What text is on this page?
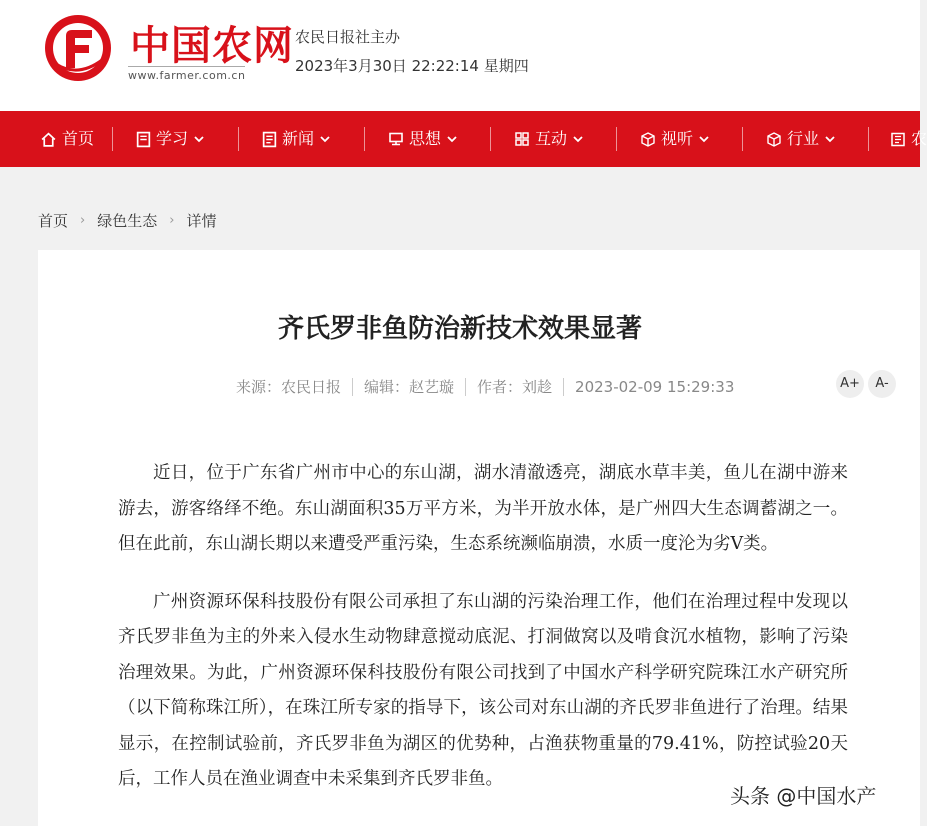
中国农网
www.farmer.com.cn
农民日报社主办
2023年3月30日 22:22:14 星期四
首页	学习	新闻	思想	互动	视听	行业	农
首页 › 绿色生态 › 详情
齐氏罗非鱼防治新技术效果显著
来源：农民日报 编辑：赵艺璇 作者：刘趁 2023-02-09 15:29:33	A+	A-

近日，位于广东省广州市中心的东山湖，湖水清澈透亮，湖底水草丰美，鱼儿在湖中游来游去，游客络绎不绝。东山湖面积35万平方米，为半开放水体，是广州四大生态调蓄湖之一。但在此前，东山湖长期以来遭受严重污染，生态系统濒临崩溃，水质一度沦为劣V类。

广州资源环保科技股份有限公司承担了东山湖的污染治理工作，他们在治理过程中发现以齐氏罗非鱼为主的外来入侵水生动物肆意搅动底泥、打洞做窝以及啃食沉水植物，影响了污染治理效果。为此，广州资源环保科技股份有限公司找到了中国水产科学研究院珠江水产研究所（以下简称珠江所），在珠江所专家的指导下，该公司对东山湖的齐氏罗非鱼进行了治理。结果显示，在控制试验前，齐氏罗非鱼为湖区的优势种，占渔获物重量的79.41%，防控试验20天后，工作人员在渔业调查中未采集到齐氏罗非鱼。

头条 @中国水产
